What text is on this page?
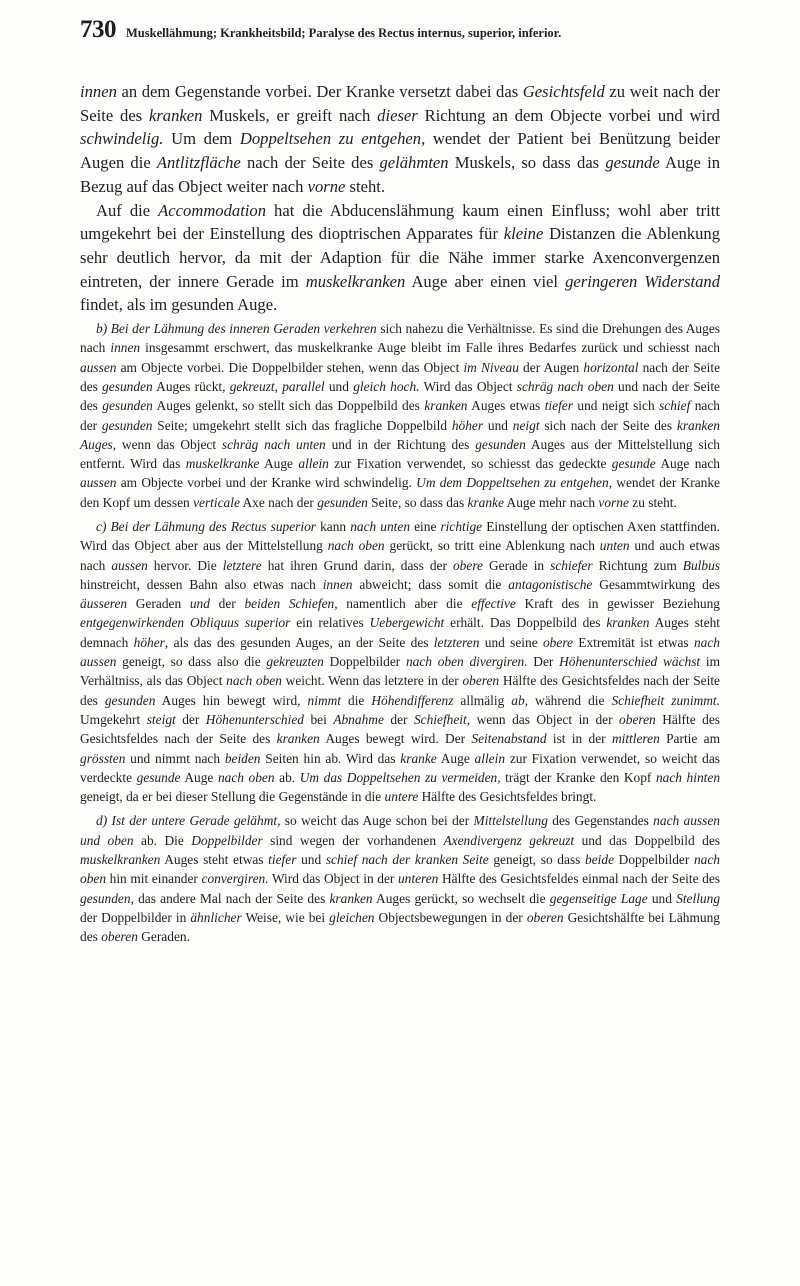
730 Muskellähmung; Krankheitsbild; Paralyse des Rectus internus, superior, inferior.

innen an dem Gegenstande vorbei. Der Kranke versetzt dabei das Gesichtsfeld zu weit nach der Seite des kranken Muskels, er greift nach dieser Richtung an dem Objecte vorbei und wird schwindelig. Um dem Doppeltsehen zu entgehen, wendet der Patient bei Benützung beider Augen die Antlitzfläche nach der Seite des gelähmten Muskels, so dass das gesunde Auge in Bezug auf das Object weiter nach vorne steht.

Auf die Accommodation hat die Abducenslähmung kaum einen Einfluss; wohl aber tritt umgekehrt bei der Einstellung des dioptrischen Apparates für kleine Distanzen die Ablenkung sehr deutlich hervor, da mit der Adaption für die Nähe immer starke Axenconvergenzen eintreten, der innere Gerade im muskelkranken Auge aber einen viel geringeren Widerstand findet, als im gesunden Auge.

b) Bei der Lähmung des inneren Geraden verkehren sich nahezu die Verhältnisse. Es sind die Drehungen des Auges nach innen insgesammt erschwert, das muskelkranke Auge bleibt im Falle ihres Bedarfes zurück und schiesst nach aussen am Objecte vorbei. Die Doppelbilder stehen, wenn das Object im Niveau der Augen horizontal nach der Seite des gesunden Auges rückt, gekreuzt, parallel und gleich hoch. Wird das Object schräg nach oben und nach der Seite des gesunden Auges gelenkt, so stellt sich das Doppelbild des kranken Auges etwas tiefer und neigt sich schief nach der gesunden Seite; umgekehrt stellt sich das fragliche Doppelbild höher und neigt sich nach der Seite des kranken Auges, wenn das Object schräg nach unten und in der Richtung des gesunden Auges aus der Mittelstellung sich entfernt. Wird das muskelkranke Auge allein zur Fixation verwendet, so schiesst das gedeckte gesunde Auge nach aussen am Objecte vorbei und der Kranke wird schwindelig. Um dem Doppeltsehen zu entgehen, wendet der Kranke den Kopf um dessen verticale Axe nach der gesunden Seite, so dass das kranke Auge mehr nach vorne zu steht.

c) Bei der Lähmung des Rectus superior kann nach unten eine richtige Einstellung der optischen Axen stattfinden. Wird das Object aber aus der Mittelstellung nach oben gerückt, so tritt eine Ablenkung nach unten und auch etwas nach aussen hervor. Die letztere hat ihren Grund darin, dass der obere Gerade in schiefer Richtung zum Bulbus hinstreicht, dessen Bahn also etwas nach innen abweicht; dass somit die antagonistische Gesammtwirkung des äusseren Geraden und der beiden Schiefen, namentlich aber die effective Kraft des in gewisser Beziehung entgegenwirkenden Obliquus superior ein relatives Uebergewicht erhält. Das Doppelbild des kranken Auges steht demnach höher, als das des gesunden Auges, an der Seite des letzteren und seine obere Extremität ist etwas nach aussen geneigt, so dass also die gekreuzten Doppelbilder nach oben divergiren. Der Höhenunterschied wächst im Verhältniss, als das Object nach oben weicht. Wenn das letztere in der oberen Hälfte des Gesichtsfeldes nach der Seite des gesunden Auges hin bewegt wird, nimmt die Höhendifferenz allmälig ab, während die Schiefheit zunimmt. Umgekehrt steigt der Höhenunterschied bei Abnahme der Schiefheit, wenn das Object in der oberen Hälfte des Gesichtsfeldes nach der Seite des kranken Auges bewegt wird. Der Seitenabstand ist in der mittleren Partie am grössten und nimmt nach beiden Seiten hin ab. Wird das kranke Auge allein zur Fixation verwendet, so weicht das verdeckte gesunde Auge nach oben ab. Um das Doppeltsehen zu vermeiden, trägt der Kranke den Kopf nach hinten geneigt, da er bei dieser Stellung die Gegenstände in die untere Hälfte des Gesichtsfeldes bringt.

d) Ist der untere Gerade gelähmt, so weicht das Auge schon bei der Mittelstellung des Gegenstandes nach aussen und oben ab. Die Doppelbilder sind wegen der vorhandenen Axendivergenz gekreuzt und das Doppelbild des muskelkranken Auges steht etwas tiefer und schief nach der kranken Seite geneigt, so dass beide Doppelbilder nach oben hin mit einander convergiren. Wird das Object in der unteren Hälfte des Gesichtsfeldes einmal nach der Seite des gesunden, das andere Mal nach der Seite des kranken Auges gerückt, so wechselt die gegenseitige Lage und Stellung der Doppelbilder in ähnlicher Weise, wie bei gleichen Objectsbewegungen in der oberen Gesichtshälfte bei Lähmung des oberen Geraden.
